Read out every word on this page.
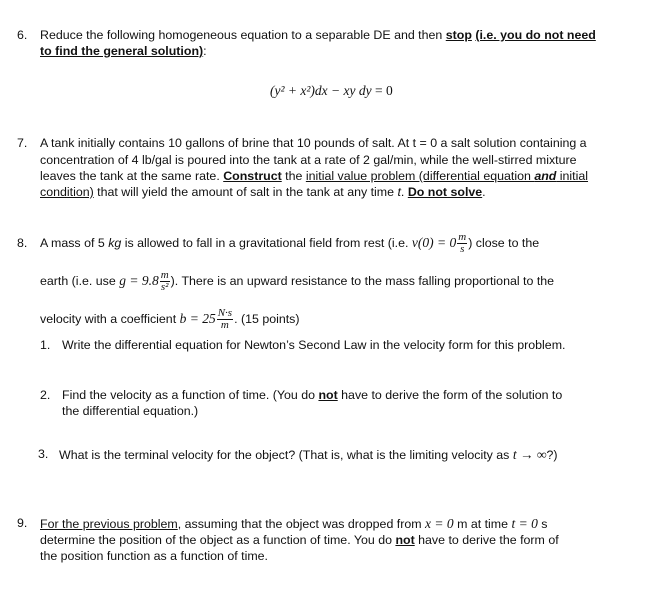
6. Reduce the following homogeneous equation to a separable DE and then stop (i.e. you do not need
to find the general solution):
(y² + x²)dx − xy dy = 0
7. A tank initially contains 10 gallons of brine that 10 pounds of salt. At t = 0 a salt solution containing a
concentration of 4 lb/gal is poured into the tank at a rate of 2 gal/min, while the well-stirred mixture
leaves the tank at the same rate. Construct the initial value problem (differential equation and initial
condition) that will yield the amount of salt in the tank at any time t. Do not solve.
8. A mass of 5 kg is allowed to fall in a gravitational field from rest (i.e. $v(0) = 0 \frac{m}{s}$ ) close to the
earth (i.e. use $g = 9.8 \frac{m}{\text{s²}}$ ). There is an upward resistance to the mass falling proportional to the
velocity with a coefficient $b = 25 \frac{N\cdot s}{m}$ . (15 points)
1. Write the differential equation for Newton’s Second Law in the velocity form for this problem.
2. Find the velocity as a function of time. (You do not have to derive the form of the solution to
the differential equation.)
3. What is the terminal velocity for the object? (That is, what is the limiting velocity as t → ∞?)
9. For the previous problem, assuming that the object was dropped from x = 0 m at time t = 0 s
determine the position of the object as a function of time. You do not have to derive the form of
the position function as a function of time.
